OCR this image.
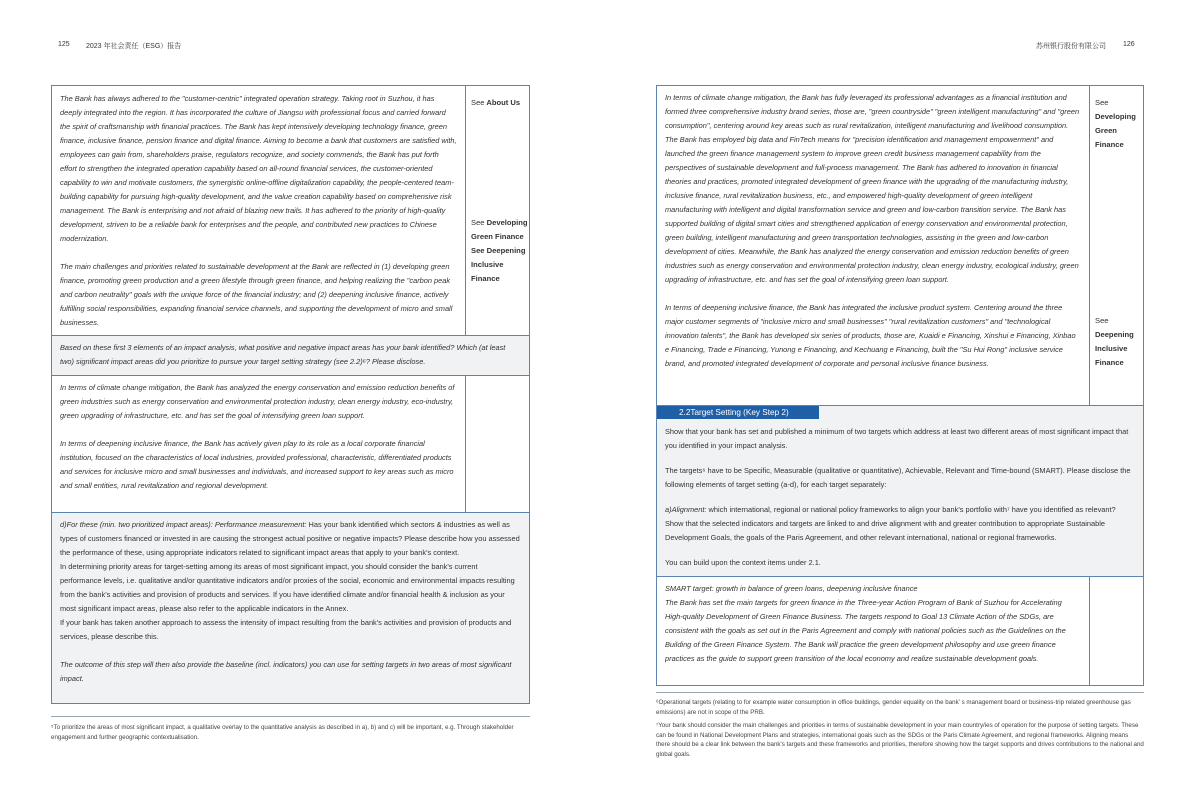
125 2023 年社会责任（ESG）报告	苏州银行股份有限公司 126

The Bank has always adhered to the "customer-centric" integrated operation strategy. Taking root in Suzhou, it has deeply integrated into the region. It has incorporated the culture of Jiangsu with professional focus and carried forward the spirit of craftsmanship with financial practices. The Bank has kept intensively developing technology finance, green finance, inclusive finance, pension finance and digital finance. Aiming to become a bank that customers are satisfied with, employees can gain from, shareholders praise, regulators recognize, and society commends, the Bank has put forth effort to strengthen the integrated operation capability based on all-round financial services, the customer-oriented capability to win and motivate customers, the synergistic online-offline digitalization capability, the people-centered team-building capability for pursuing high-quality development, and the value creation capability based on comprehensive risk management. The Bank is enterprising and not afraid of blazing new trails. It has adhered to the priority of high-quality development, striven to be a reliable bank for enterprises and the people, and contributed new practices to Chinese modernization.

The main challenges and priorities related to sustainable development at the Bank are reflected in (1) developing green finance, promoting green production and a green lifestyle through green finance, and helping realizing the "carbon peak and carbon neutrality" goals with the unique force of the financial industry; and (2) deepening inclusive finance, actively fulfilling social responsibilities, expanding financial service channels, and supporting the development of micro and small businesses.

See About Us
See Developing Green Finance
See Deepening Inclusive Finance

Based on these first 3 elements of an impact analysis, what positive and negative impact areas has your bank identified? Which (at least two) significant impact areas did you prioritize to pursue your target setting strategy (see 2.2)⁶? Please disclose.

In terms of climate change mitigation, the Bank has analyzed the energy conservation and emission reduction benefits of green industries such as energy conservation and environmental protection industry, clean energy industry, eco-industry, green upgrading of infrastructure, etc. and has set the goal of intensifying green loan support.

In terms of deepening inclusive finance, the Bank has actively given play to its role as a local corporate financial institution, focused on the characteristics of local industries, provided professional, characteristic, differentiated products and services for inclusive micro and small businesses and individuals, and increased support to key areas such as micro and small entities, rural revitalization and regional development.

d)For these (min. two prioritized impact areas): Performance measurement: Has your bank identified which sectors & industries as well as types of customers financed or invested in are causing the strongest actual positive or negative impacts? Please describe how you assessed the performance of these, using appropriate indicators related to significant impact areas that apply to your bank’s context.

In determining priority areas for target-setting among its areas of most significant impact, you should consider the bank's current performance levels, i.e. qualitative and/or quantitative indicators and/or proxies of the social, economic and environmental impacts resulting from the bank's activities and provision of products and services. If you have identified climate and/or financial health & inclusion as your most significant impact areas, please also refer to the applicable indicators in the Annex.

If your bank has taken another approach to assess the intensity of impact resulting from the bank's activities and provision of products and services, please describe this.

The outcome of this step will then also provide the baseline (incl. indicators) you can use for setting targets in two areas of most significant impact.

⁵To prioritize the areas of most significant impact, a qualitative overlay to the quantitative analysis as described in a), b) and c) will be important, e.g. Through stakeholder engagement and further geographic contextualisation.

In terms of climate change mitigation, the Bank has fully leveraged its professional advantages as a financial institution and formed three comprehensive industry brand series, those are, "green countryside" "green intelligent manufacturing" and "green consumption", centering around key areas such as rural revitalization, intelligent manufacturing and livelihood consumption. The Bank has employed big data and FinTech means for "precision identification and management empowerment" and launched the green finance management system to improve green credit business management capability from the perspectives of sustainable development and full-process management. The Bank has adhered to innovation in financial theories and practices, promoted integrated development of green finance with the upgrading of the manufacturing industry, inclusive finance, rural revitalization business, etc., and empowered high-quality development of green intelligent manufacturing with intelligent and digital transformation service and green and low-carbon transition service. The Bank has supported building of digital smart cities and strengthened application of energy conservation and environmental protection, green building, intelligent manufacturing and green transportation technologies, assisting in the green and low-carbon development of cities. Meanwhile, the Bank has analyzed the energy conservation and emission reduction benefits of green industries such as energy conservation and environmental protection industry, clean energy industry, ecological industry, green upgrading of infrastructure, etc. and has set the goal of intensifying green loan support.

In terms of deepening inclusive finance, the Bank has integrated the inclusive product system. Centering around the three major customer segments of "inclusive micro and small businesses" "rural revitalization customers" and "technological innovation talents", the Bank has developed six series of products, those are, Kuaidi e Financing, Xinshui e Financing, Xinbao e Financing, Trade e Financing, Yunong e Financing, and Kechuang e Financing, built the "Su Hui Rong" inclusive service brand, and promoted integrated development of corporate and personal inclusive finance business.

See Developing Green Finance
See Deepening Inclusive Finance
2.2Target Setting (Key Step 2)

Show that your bank has set and published a minimum of two targets which address at least two different areas of most significant impact that you identified in your impact analysis.

The targets⁶ have to be Specific, Measurable (qualitative or quantitative), Achievable, Relevant and Time-bound (SMART). Please disclose the following elements of target setting (a-d), for each target separately:

a)Alignment: which international, regional or national policy frameworks to align your bank's portfolio with⁷ have you identified as relevant? Show that the selected indicators and targets are linked to and drive alignment with and greater contribution to appropriate Sustainable Development Goals, the goals of the Paris Agreement, and other relevant international, national or regional frameworks.

You can build upon the context items under 2.1.

SMART target: growth in balance of green loans, deepening inclusive finance

The Bank has set the main targets for green finance in the Three-year Action Program of Bank of Suzhou for Accelerating High-quality Development of Green Finance Business. The targets respond to Goal 13 Climate Action of the SDGs, are consistent with the goals as set out in the Paris Agreement and comply with national policies such as the Guidelines on the Building of the Green Finance System. The Bank will practice the green development philosophy and use green finance practices as the guide to support green transition of the local economy and realize sustainable development goals.

⁶Operational targets (relating to for example water consumption in office buildings, gender equality on the bank’ s management board or business-trip related greenhouse gas emissions) are not in scope of the PRB.
⁷Your bank should consider the main challenges and priorities in terms of sustainable development in your main country/ies of operation for the purpose of setting targets. These can be found in National Development Plans and strategies, international goals such as the SDGs or the Paris Climate Agreement, and regional frameworks. Aligning means there should be a clear link between the bank's targets and these frameworks and priorities, therefore showing how the target supports and drives contributions to the national and global goals.
